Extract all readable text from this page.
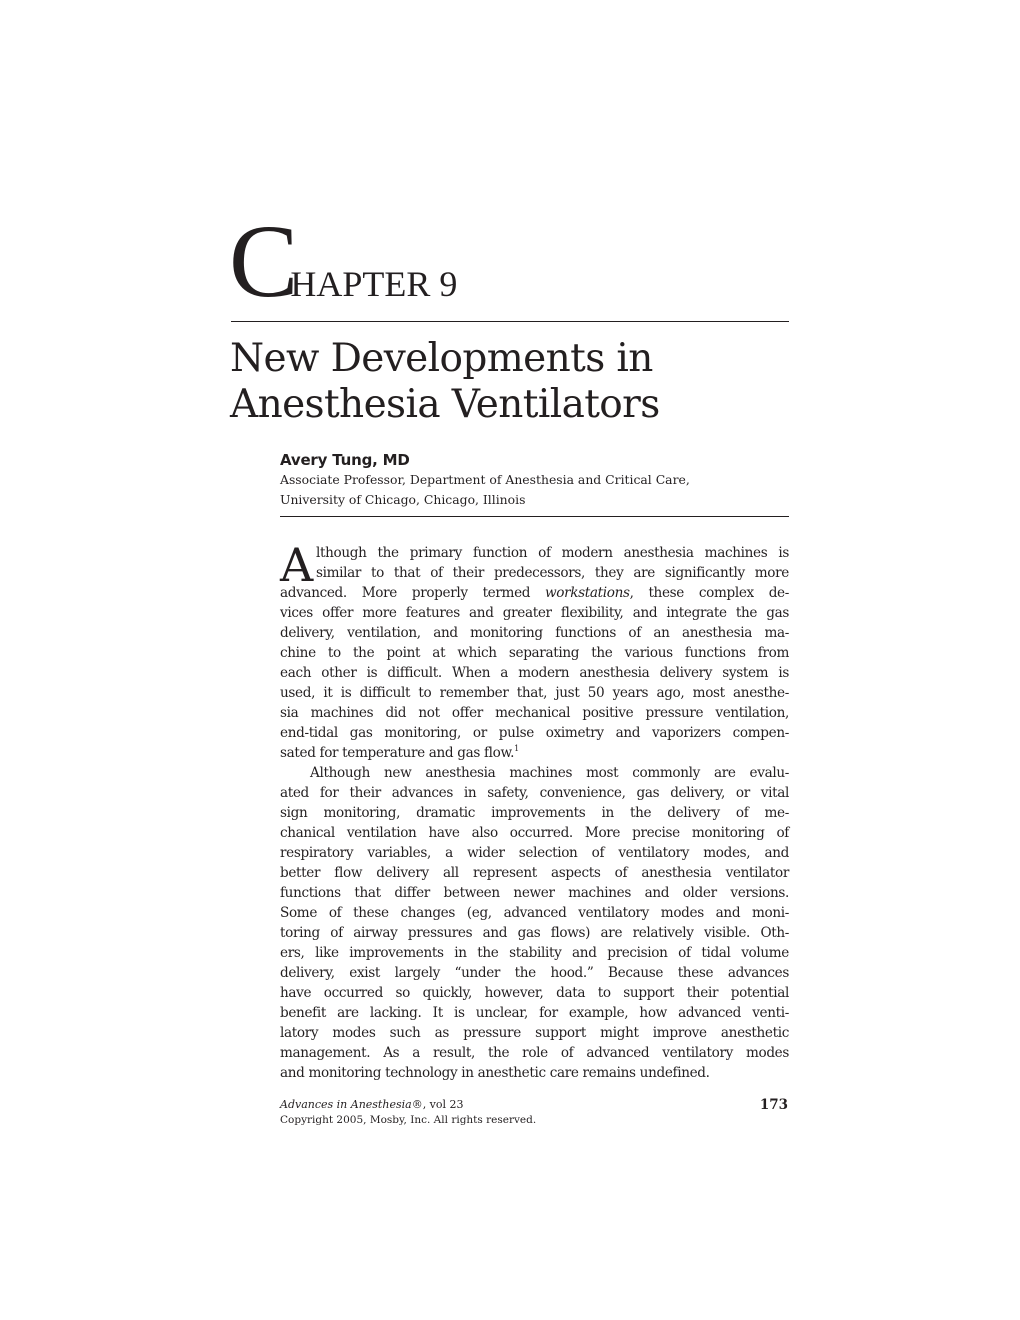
CHAPTER 9
New Developments in
Anesthesia Ventilators
Avery Tung, MD
Associate Professor, Department of Anesthesia and Critical Care,
University of Chicago, Chicago, Illinois
A lthough the primary function of modern anesthesia machines is
similar to that of their predecessors, they are significantly more
advanced. More properly termed workstations, these complex de-
vices offer more features and greater flexibility, and integrate the gas
delivery, ventilation, and monitoring functions of an anesthesia ma-
chine to the point at which separating the various functions from
each other is difficult. When a modern anesthesia delivery system is
used, it is difficult to remember that, just 50 years ago, most anesthe-
sia machines did not offer mechanical positive pressure ventilation,
end-tidal gas monitoring, or pulse oximetry and vaporizers compen-
sated for temperature and gas flow.$^1$
Although new anesthesia machines most commonly are evalu-
ated for their advances in safety, convenience, gas delivery, or vital
sign monitoring, dramatic improvements in the delivery of me-
chanical ventilation have also occurred. More precise monitoring of
respiratory variables, a wider selection of ventilatory modes, and
better flow delivery all represent aspects of anesthesia ventilator
functions that differ between newer machines and older versions.
Some of these changes (eg, advanced ventilatory modes and moni-
toring of airway pressures and gas flows) are relatively visible. Oth-
ers, like improvements in the stability and precision of tidal volume
delivery, exist largely “under the hood.” Because these advances
have occurred so quickly, however, data to support their potential
benefit are lacking. It is unclear, for example, how advanced venti-
latory modes such as pressure support might improve anesthetic
management. As a result, the role of advanced ventilatory modes
and monitoring technology in anesthetic care remains undefined.
Advances in Anesthesia®, vol 23
Copyright 2005, Mosby, Inc. All rights reserved.
173
